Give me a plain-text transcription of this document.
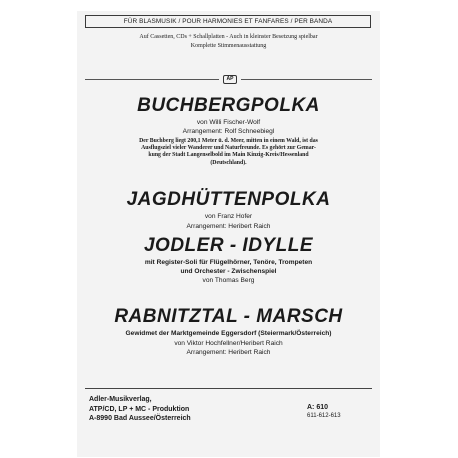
FÜR BLASMUSIK / POUR HARMONIES ET FANFARES / PER BANDA
Auf Cassetten, CDs + Schallplatten - Auch in kleinster Besetzung spielbar
Komplette Stimmenausstattung
AP
BUCHBERGPOLKA
von Willi Fischer-Wolf
Arrangement: Rolf Schneebiegl
Der Buchberg liegt 200,1 Meter ü. d. Meer, mitten in einem Wald, ist das
Ausflugsziel vieler Wanderer und Naturfreunde. Es gehört zur Gemar-
kung der Stadt Langenselbold im Main Kinzig-Kreis/Hessenland
(Deutschland).
JAGDHÜTTENPOLKA
von Franz Hofer
Arrangement: Heribert Raich
JODLER - IDYLLE
mit Register-Soli für Flügelhörner, Tenöre, Trompeten
und Orchester - Zwischenspiel
von Thomas Berg
RABNITZTAL - MARSCH
Gewidmet der Marktgemeinde Eggersdorf (Steiermark/Österreich)
von Viktor Hochfellner/Heribert Raich
Arrangement: Heribert Raich
Adler-Musikverlag,
ATP/CD, LP + MC - Produktion
A-8990 Bad Aussee/Österreich
A: 610
611-612-613
